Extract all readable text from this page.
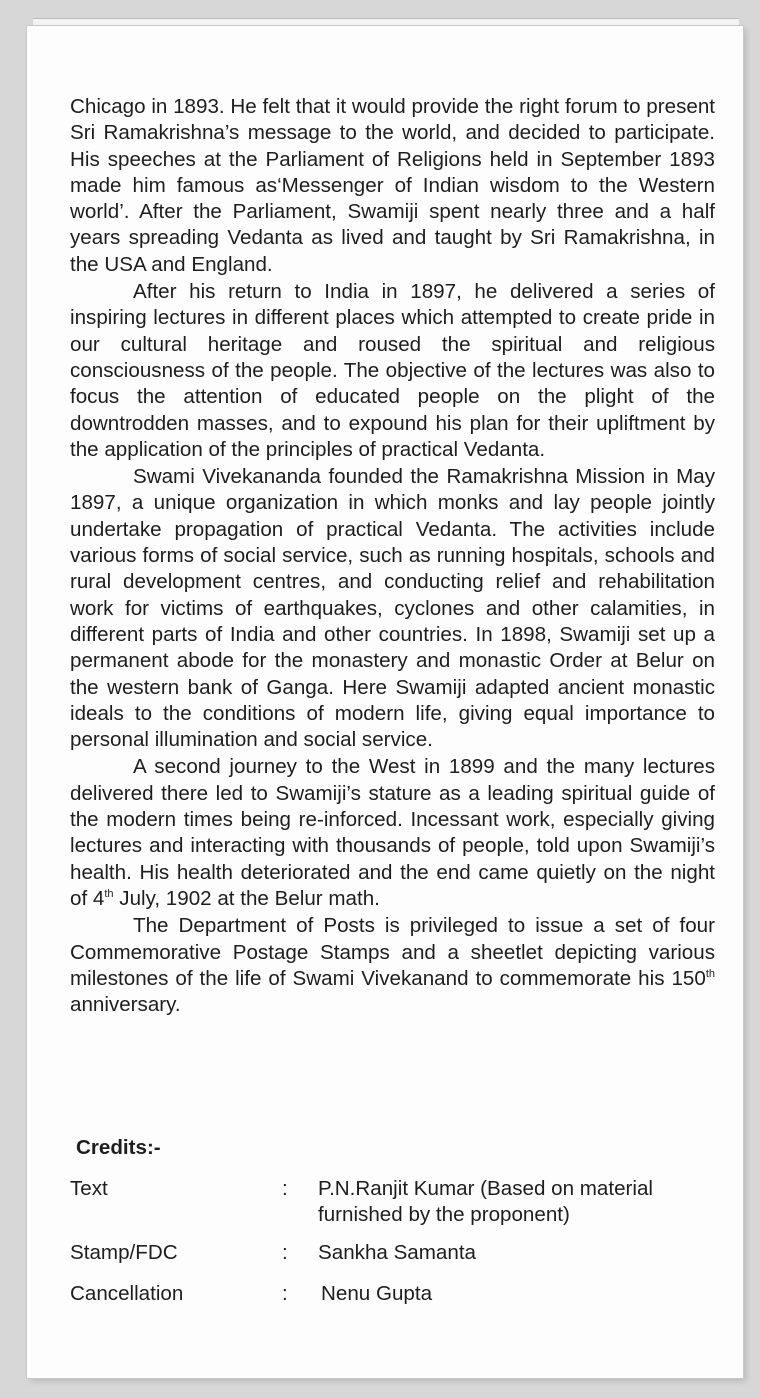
Chicago in 1893. He felt that it would provide the right forum to present Sri Ramakrishna’s message to the world, and decided to participate. His speeches at the Parliament of Religions held in September 1893 made him famous as‘Messenger of Indian wisdom to the Western world’. After the Parliament, Swamiji spent nearly three and a half years spreading Vedanta as lived and taught by Sri Ramakrishna, in the USA and England.

After his return to India in 1897, he delivered a series of inspiring lectures in different places which attempted to create pride in our cultural heritage and roused the spiritual and religious consciousness of the people. The objective of the lectures was also to focus the attention of educated people on the plight of the downtrodden masses, and to expound his plan for their upliftment by the application of the principles of practical Vedanta.

Swami Vivekananda founded the Ramakrishna Mission in May 1897, a unique organization in which monks and lay people jointly undertake propagation of practical Vedanta. The activities include various forms of social service, such as running hospitals, schools and rural development centres, and conducting relief and rehabilitation work for victims of earthquakes, cyclones and other calamities, in different parts of India and other countries. In 1898, Swamiji set up a permanent abode for the monastery and monastic Order at Belur on the western bank of Ganga. Here Swamiji adapted ancient monastic ideals to the conditions of modern life, giving equal importance to personal illumination and social service.

A second journey to the West in 1899 and the many lectures delivered there led to Swamiji’s stature as a leading spiritual guide of the modern times being re-inforced. Incessant work, especially giving lectures and interacting with thousands of people, told upon Swamiji’s health. His health deteriorated and the end came quietly on the night of 4th July, 1902 at the Belur math.

The Department of Posts is privileged to issue a set of four Commemorative Postage Stamps and a sheetlet depicting various milestones of the life of Swami Vivekanand to commemorate his 150th anniversary.

Credits:-
Text	: P.N.Ranjit Kumar (Based on material furnished by the proponent)
Stamp/FDC	: Sankha Samanta
Cancellation	: Nenu Gupta
